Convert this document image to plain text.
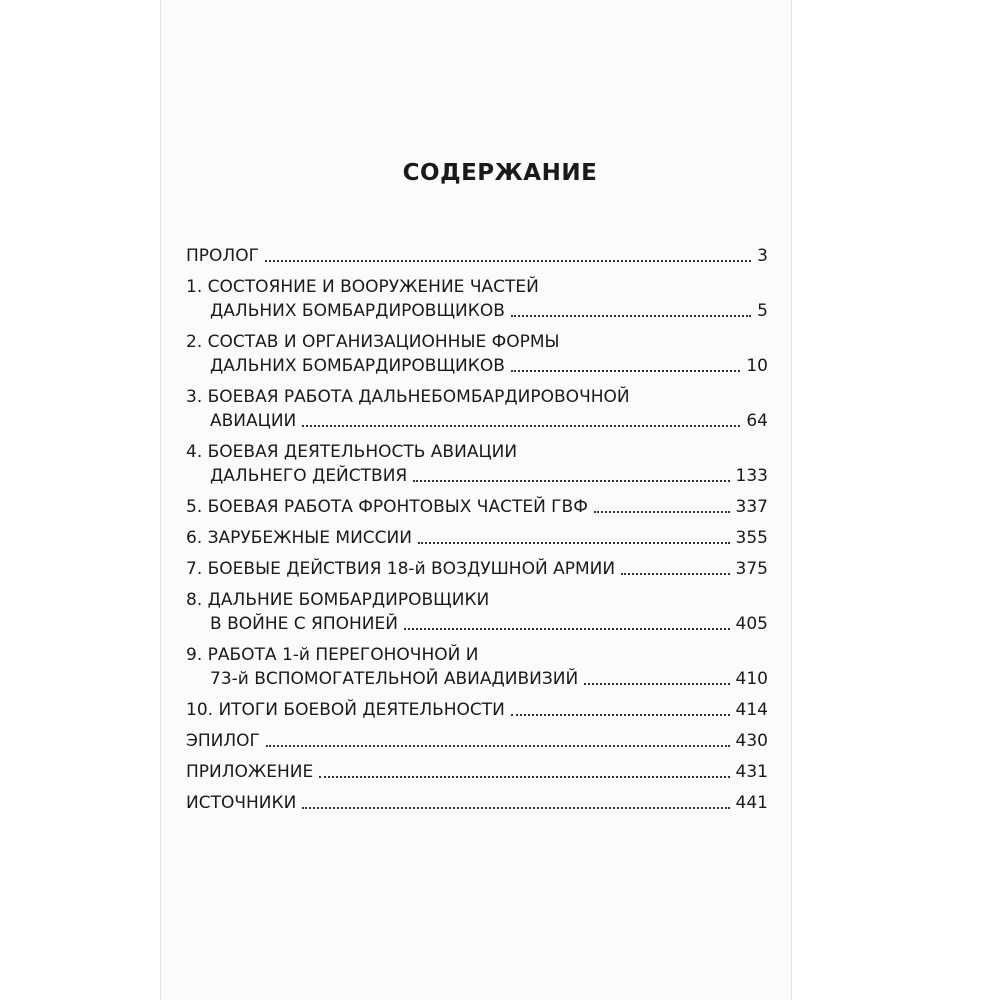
СОДЕРЖАНИЕ
ПРОЛОГ	3
1. СОСТОЯНИЕ И ВООРУЖЕНИЕ ЧАСТЕЙ
ДАЛЬНИХ БОМБАРДИРОВЩИКОВ	5
2. СОСТАВ И ОРГАНИЗАЦИОННЫЕ ФОРМЫ
ДАЛЬНИХ БОМБАРДИРОВЩИКОВ	10
3. БОЕВАЯ РАБОТА ДАЛЬНЕБОМБАРДИРОВОЧНОЙ
АВИАЦИИ	64
4. БОЕВАЯ ДЕЯТЕЛЬНОСТЬ АВИАЦИИ
ДАЛЬНЕГО ДЕЙСТВИЯ	133
5. БОЕВАЯ РАБОТА ФРОНТОВЫХ ЧАСТЕЙ ГВФ	337
6. ЗАРУБЕЖНЫЕ МИССИИ	355
7. БОЕВЫЕ ДЕЙСТВИЯ 18-й ВОЗДУШНОЙ АРМИИ	375
8. ДАЛЬНИЕ БОМБАРДИРОВЩИКИ
В ВОЙНЕ С ЯПОНИЕЙ	405
9. РАБОТА 1-й ПЕРЕГОНОЧНОЙ И
73-й ВСПОМОГАТЕЛЬНОЙ АВИАДИВИЗИЙ	410
10. ИТОГИ БОЕВОЙ ДЕЯТЕЛЬНОСТИ	414
ЭПИЛОГ	430
ПРИЛОЖЕНИЕ	431
ИСТОЧНИКИ	441
